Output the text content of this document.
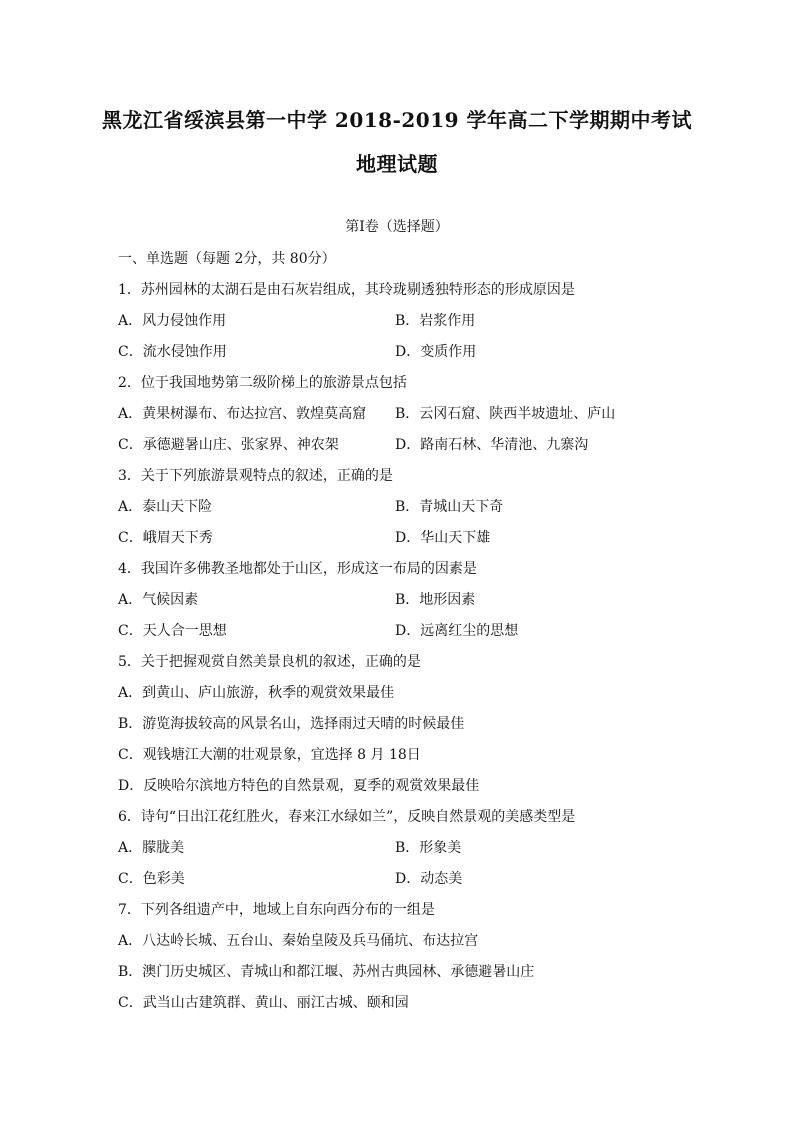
黑龙江省绥滨县第一中学 2018-2019 学年高二下学期期中考试
地理试题
第Ⅰ卷（选择题）
一、单选题（每题 2分，共 80分）
1．苏州园林的太湖石是由石灰岩组成，其玲珑剔透独特形态的形成原因是
A．风力侵蚀作用	B．岩浆作用
C．流水侵蚀作用	D．变质作用
2．位于我国地势第二级阶梯上的旅游景点包括
A．黄果树瀑布、布达拉宫、敦煌莫高窟	B．云冈石窟、陕西半坡遗址、庐山
C．承德避暑山庄、张家界、神农架	D．路南石林、华清池、九寨沟
3．关于下列旅游景观特点的叙述，正确的是
A．泰山天下险	B．青城山天下奇
C．峨眉天下秀	D．华山天下雄
4．我国许多佛教圣地都处于山区，形成这一布局的因素是
A．气候因素	B．地形因素
C．天人合一思想	D．远离红尘的思想
5．关于把握观赏自然美景良机的叙述，正确的是
A．到黄山、庐山旅游，秋季的观赏效果最佳
B．游览海拔较高的风景名山，选择雨过天晴的时候最佳
C．观钱塘江大潮的壮观景象，宜选择 8 月 18日
D．反映哈尔滨地方特色的自然景观，夏季的观赏效果最佳
6．诗句“日出江花红胜火，春来江水绿如兰”，反映自然景观的美感类型是
A．朦胧美	B．形象美
C．色彩美	D．动态美
7．下列各组遗产中，地域上自东向西分布的一组是
A．八达岭长城、五台山、秦始皇陵及兵马俑坑、布达拉宫
B．澳门历史城区、青城山和都江堰、苏州古典园林、承德避暑山庄
C．武当山古建筑群、黄山、丽江古城、颐和园
